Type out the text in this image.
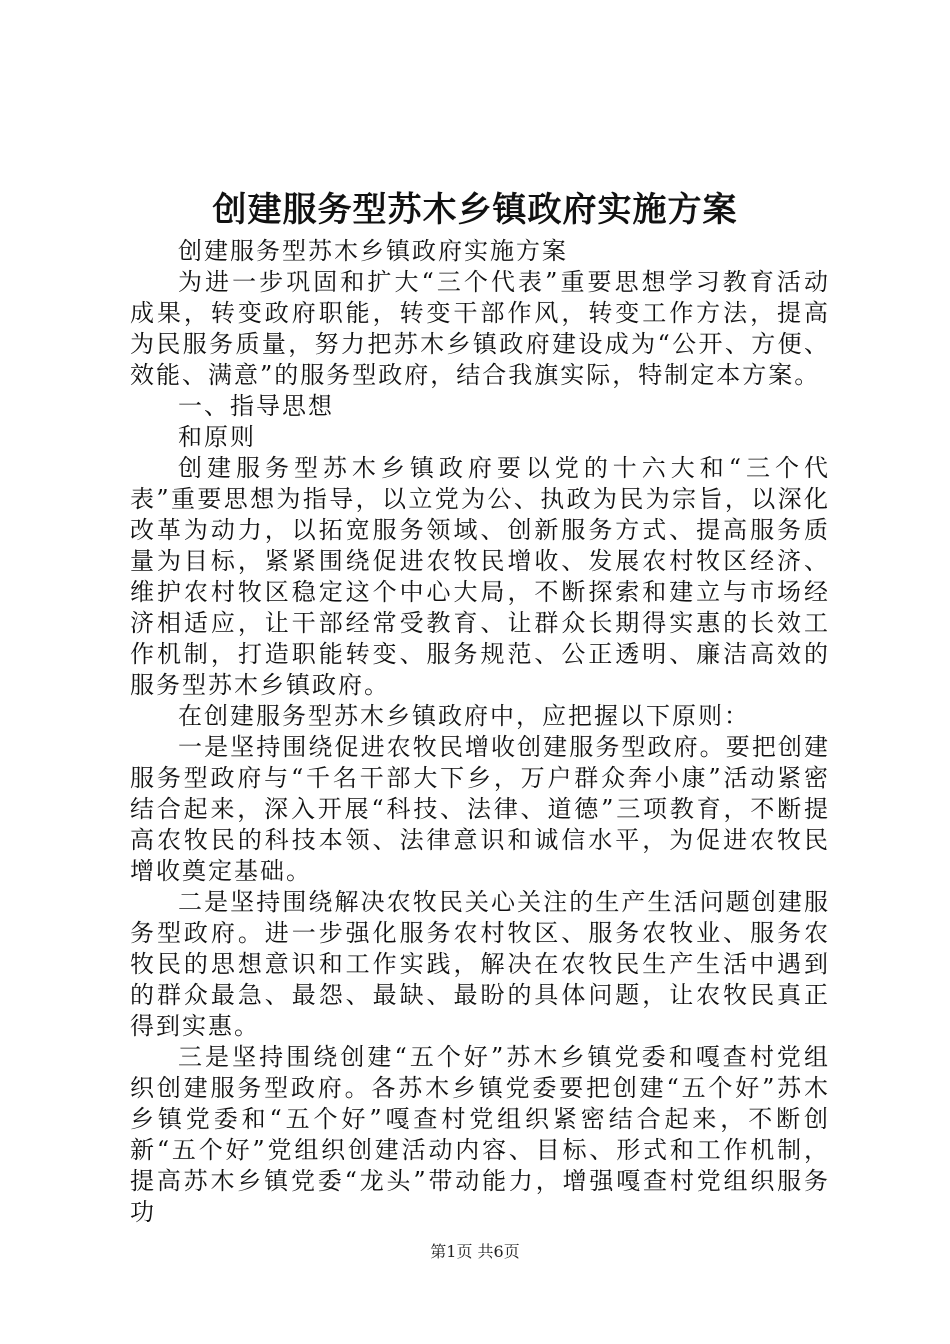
创建服务型苏木乡镇政府实施方案

创建服务型苏木乡镇政府实施方案

为进一步巩固和扩大“三个代表”重要思想学习教育活动成果，转变政府职能，转变干部作风，转变工作方法，提高为民服务质量，努力把苏木乡镇政府建设成为“公开、方便、效能、满意”的服务型政府，结合我旗实际，特制定本方案。

一、指导思想

和原则

创建服务型苏木乡镇政府要以党的十六大和“三个代表”重要思想为指导，以立党为公、执政为民为宗旨，以深化改革为动力，以拓宽服务领域、创新服务方式、提高服务质量为目标，紧紧围绕促进农牧民增收、发展农村牧区经济、维护农村牧区稳定这个中心大局，不断探索和建立与市场经济相适应，让干部经常受教育、让群众长期得实惠的长效工作机制，打造职能转变、服务规范、公正透明、廉洁高效的服务型苏木乡镇政府。

在创建服务型苏木乡镇政府中，应把握以下原则：

一是坚持围绕促进农牧民增收创建服务型政府。要把创建服务型政府与“千名干部大下乡，万户群众奔小康”活动紧密结合起来，深入开展“科技、法律、道德”三项教育，不断提高农牧民的科技本领、法律意识和诚信水平，为促进农牧民增收奠定基础。

二是坚持围绕解决农牧民关心关注的生产生活问题创建服务型政府。进一步强化服务农村牧区、服务农牧业、服务农牧民的思想意识和工作实践，解决在农牧民生产生活中遇到的群众最急、最怨、最缺、最盼的具体问题，让农牧民真正得到实惠。

三是坚持围绕创建“五个好”苏木乡镇党委和嘎查村党组织创建服务型政府。各苏木乡镇党委要把创建“五个好”苏木乡镇党委和“五个好”嘎查村党组织紧密结合起来，不断创新“五个好”党组织创建活动内容、目标、形式和工作机制，提高苏木乡镇党委“龙头”带动能力，增强嘎查村党组织服务功

第1页 共6页
